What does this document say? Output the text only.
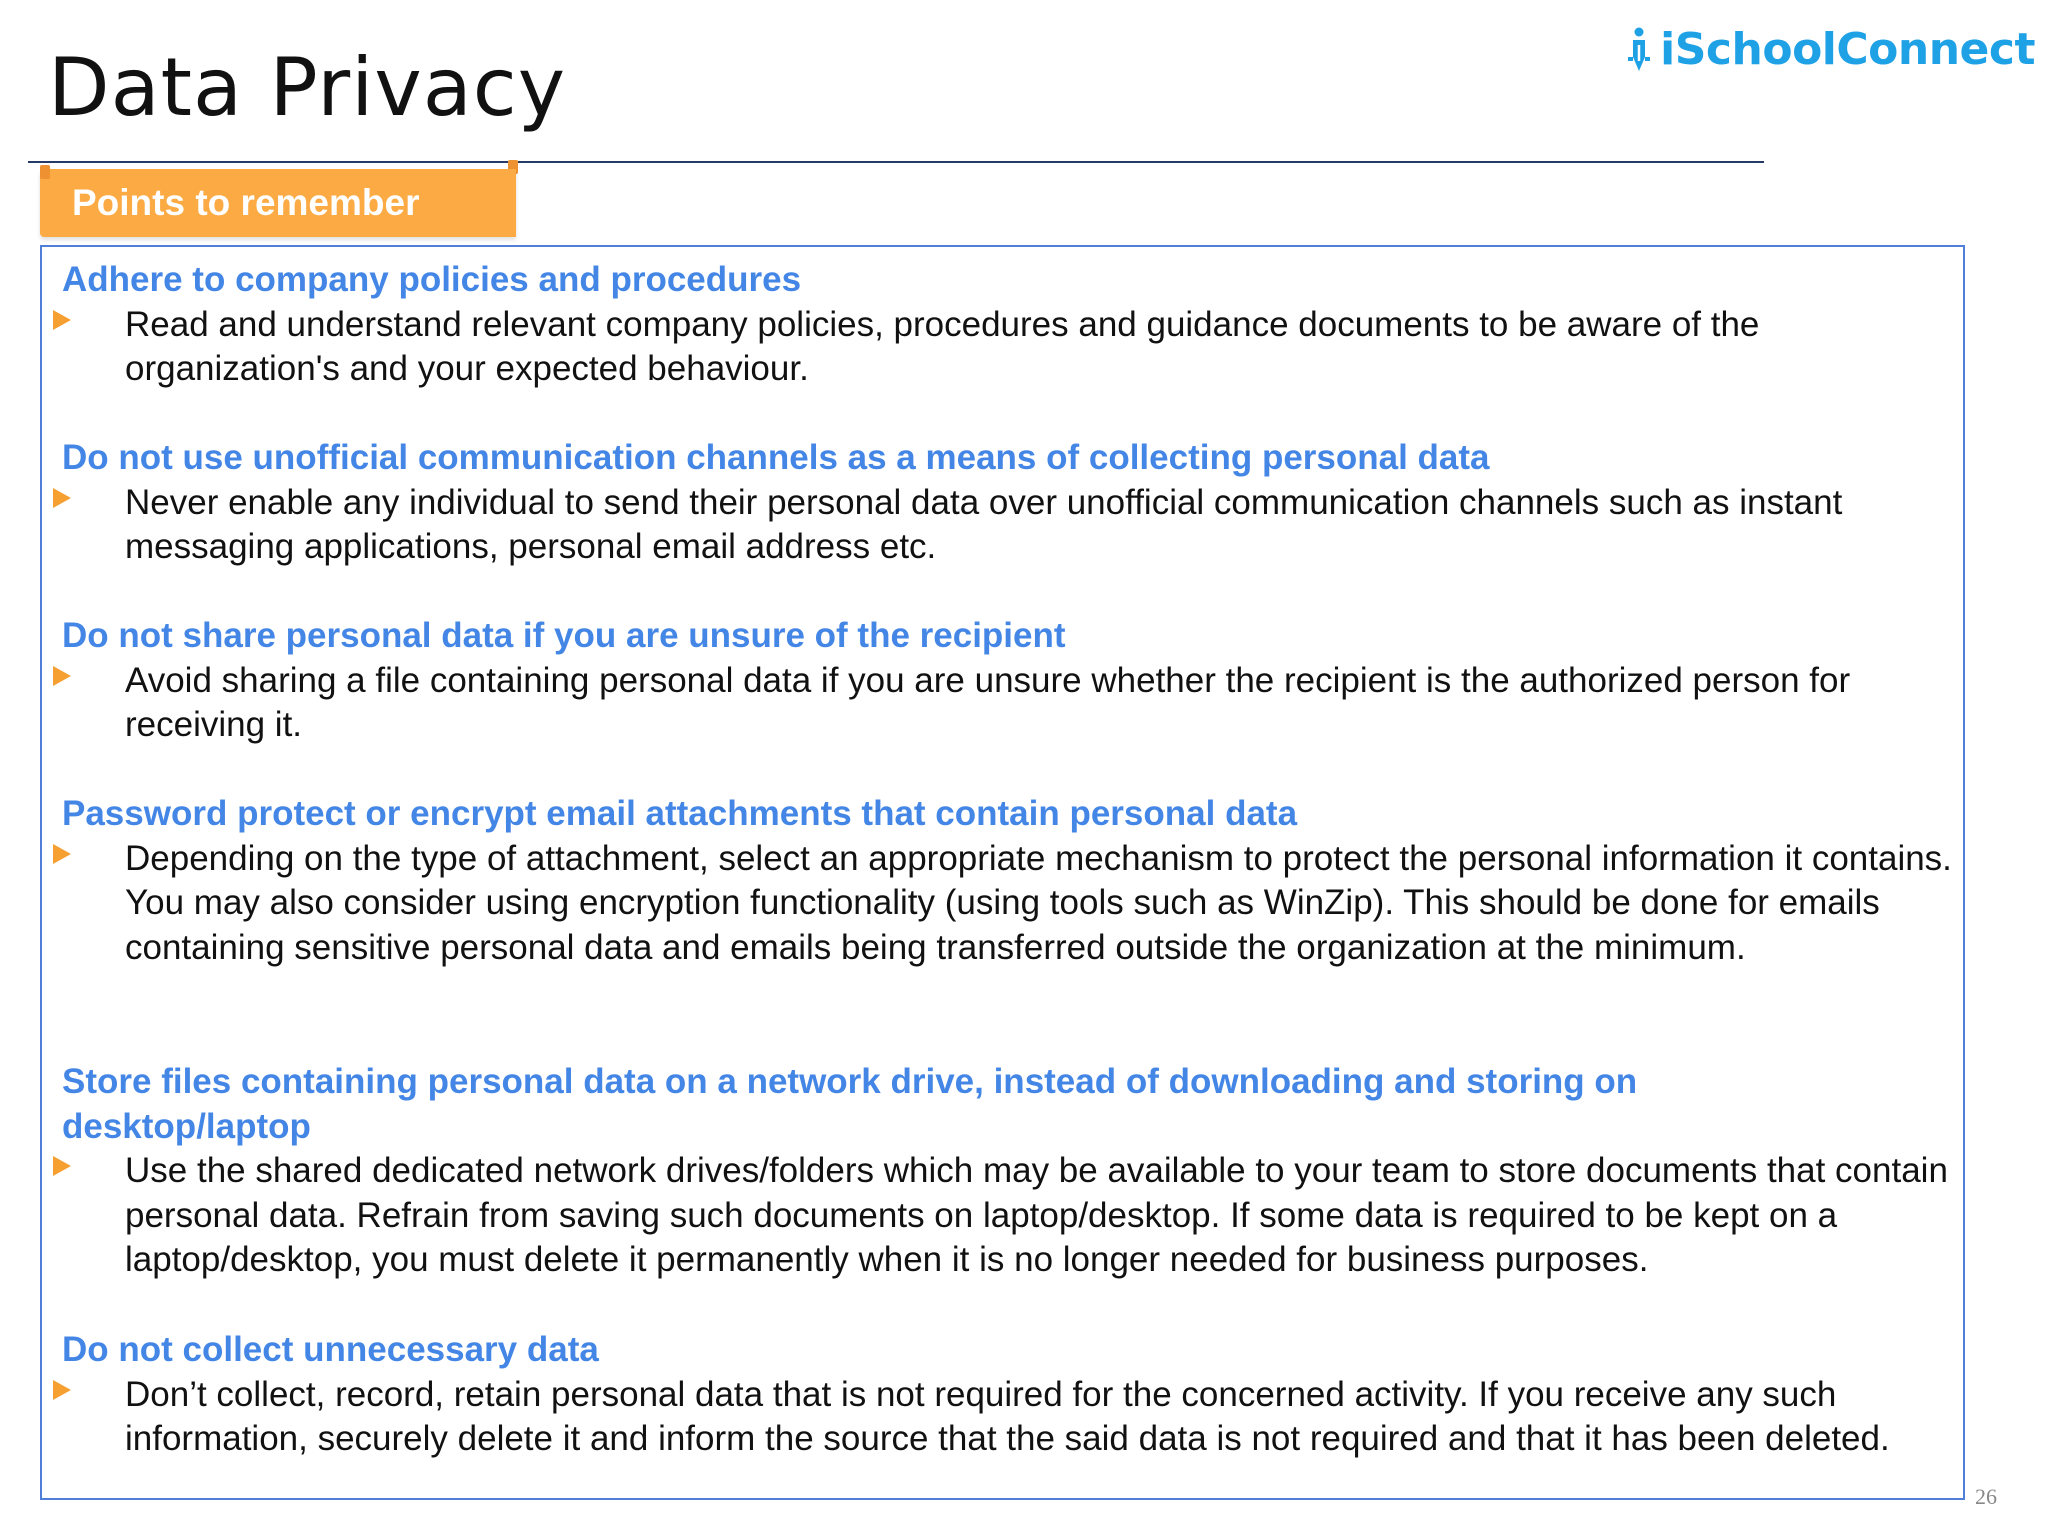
Data Privacy	iSchoolConnect
Points to remember
Adhere to company policies and procedures
Read and understand relevant company policies, procedures and guidance documents to be aware of the organization's and your expected behaviour.
Do not use unofficial communication channels as a means of collecting personal data
Never enable any individual to send their personal data over unofficial communication channels such as instant messaging applications, personal email address etc.
Do not share personal data if you are unsure of the recipient
Avoid sharing a file containing personal data if you are unsure whether the recipient is the authorized person for receiving it.
Password protect or encrypt email attachments that contain personal data
Depending on the type of attachment, select an appropriate mechanism to protect the personal information it contains. You may also consider using encryption functionality (using tools such as WinZip). This should be done for emails containing sensitive personal data and emails being transferred outside the organization at the minimum.
Store files containing personal data on a network drive, instead of downloading and storing on desktop/laptop
Use the shared dedicated network drives/folders which may be available to your team to store documents that contain personal data. Refrain from saving such documents on laptop/desktop. If some data is required to be kept on a laptop/desktop, you must delete it permanently when it is no longer needed for business purposes.
Do not collect unnecessary data
Don’t collect, record, retain personal data that is not required for the concerned activity. If you receive any such information, securely delete it and inform the source that the said data is not required and that it has been deleted.
26
